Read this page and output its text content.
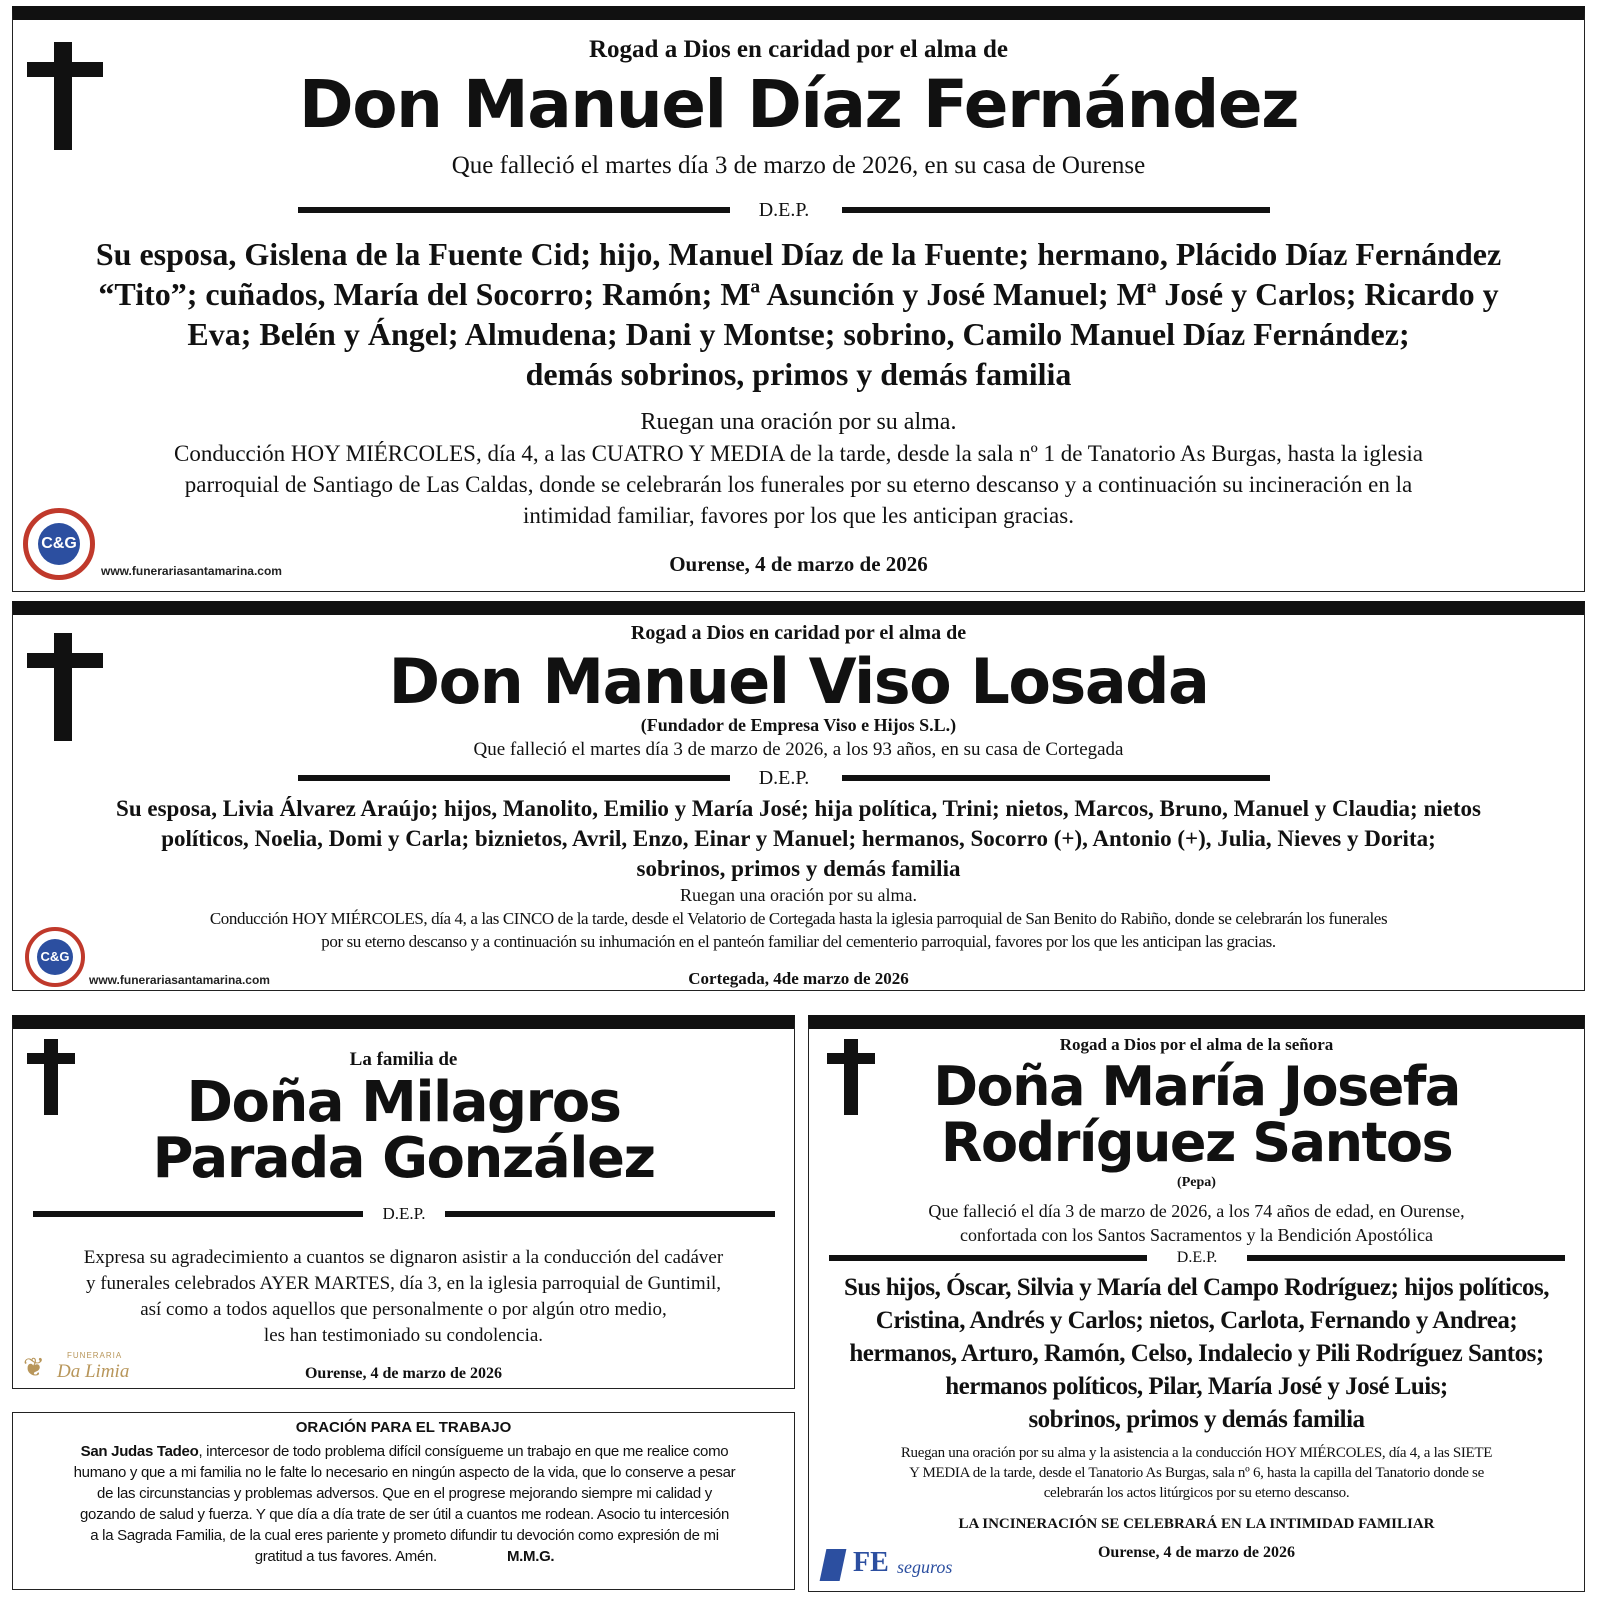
Rogad a Dios en caridad por el alma de
Don Manuel Díaz Fernández
Que falleció el martes día 3 de marzo de 2026, en su casa de Ourense
D.E.P.
Su esposa, Gislena de la Fuente Cid; hijo, Manuel Díaz de la Fuente; hermano, Plácido Díaz Fernández
“Tito”; cuñados, María del Socorro; Ramón; Mª Asunción y José Manuel; Mª José y Carlos; Ricardo y
Eva; Belén y Ángel; Almudena; Dani y Montse; sobrino, Camilo Manuel Díaz Fernández;
demás sobrinos, primos y demás familia
Ruegan una oración por su alma.
Conducción HOY MIÉRCOLES, día 4, a las CUATRO Y MEDIA de la tarde, desde la sala nº 1 de Tanatorio As Burgas, hasta la iglesia
parroquial de Santiago de Las Caldas, donde se celebrarán los funerales por su eterno descanso y a continuación su incineración en la
intimidad familiar, favores por los que les anticipan gracias.
C&G
www.funerariasantamarina.com	Ourense, 4 de marzo de 2026
Rogad a Dios en caridad por el alma de
Don Manuel Viso Losada
(Fundador de Empresa Viso e Hijos S.L.)
Que falleció el martes día 3 de marzo de 2026, a los 93 años, en su casa de Cortegada
D.E.P.
Su esposa, Livia Álvarez Araújo; hijos, Manolito, Emilio y María José; hija política, Trini; nietos, Marcos, Bruno, Manuel y Claudia; nietos
políticos, Noelia, Domi y Carla; biznietos, Avril, Enzo, Einar y Manuel; hermanos, Socorro (+), Antonio (+), Julia, Nieves y Dorita;
sobrinos, primos y demás familia
Ruegan una oración por su alma.
Conducción HOY MIÉRCOLES, día 4, a las CINCO de la tarde, desde el Velatorio de Cortegada hasta la iglesia parroquial de San Benito do Rabiño, donde se celebrarán los funerales
por su eterno descanso y a continuación su inhumación en el panteón familiar del cementerio parroquial, favores por los que les anticipan las gracias.
C&G
www.funerariasantamarina.com	Cortegada, 4de marzo de 2026
La familia de
Doña Milagros
Parada González
D.E.P.
Expresa su agradecimiento a cuantos se dignaron asistir a la conducción del cadáver
y funerales celebrados AYER MARTES, día 3, en la iglesia parroquial de Guntimil,
así como a todos aquellos que personalmente o por algún otro medio,
les han testimoniado su condolencia.
❦	FUNERARIA
Da Limia	Ourense, 4 de marzo de 2026
ORACIÓN PARA EL TRABAJO
San Judas Tadeo, intercesor de todo problema difícil consígueme un trabajo en que me realice como
humano y que a mi familia no le falte lo necesario en ningún aspecto de la vida, que lo conserve a pesar
de las circunstancias y problemas adversos. Que en el progrese mejorando siempre mi calidad y
gozando de salud y fuerza. Y que día a día trate de ser útil a cuantos me rodean. Asocio tu intercesión
a la Sagrada Familia, de la cual eres pariente y prometo difundir tu devoción como expresión de mi
gratitud a tus favores. Amén.	M.M.G.
Rogad a Dios por el alma de la señora
Doña María Josefa
Rodríguez Santos
(Pepa)
Que falleció el día 3 de marzo de 2026, a los 74 años de edad, en Ourense,
confortada con los Santos Sacramentos y la Bendición Apostólica
D.E.P.
Sus hijos, Óscar, Silvia y María del Campo Rodríguez; hijos políticos,
Cristina, Andrés y Carlos; nietos, Carlota, Fernando y Andrea;
hermanos, Arturo, Ramón, Celso, Indalecio y Pili Rodríguez Santos;
hermanos políticos, Pilar, María José y José Luis;
sobrinos, primos y demás familia
Ruegan una oración por su alma y la asistencia a la conducción HOY MIÉRCOLES, día 4, a las SIETE
Y MEDIA de la tarde, desde el Tanatorio As Burgas, sala nº 6, hasta la capilla del Tanatorio donde se
celebrarán los actos litúrgicos por su eterno descanso.
LA INCINERACIÓN SE CELEBRARÁ EN LA INTIMIDAD FAMILIAR
FE seguros
Ourense, 4 de marzo de 2026
